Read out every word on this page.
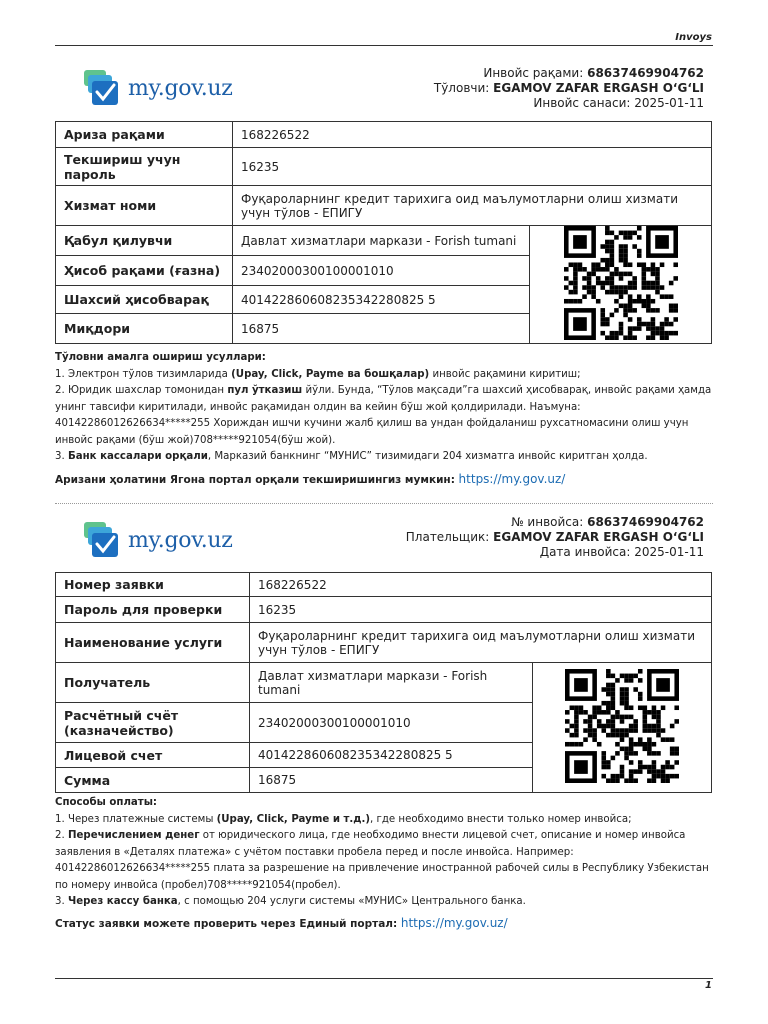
Invoys
my.gov.uz
Инвойс рақами: 68637469904762
Тўловчи: EGAMOV ZAFAR ERGASH O‘G‘LI
Инвойс санаси: 2025-01-11
Ариза рақами	168226522	
Текшириш учун пароль	16235	
Хизмат номи	Фуқароларнинг кредит тарихига оид маълумотларни олиш хизмати учун тўлов - ЕПИГУ	
Қабул қилувчи	Давлат хизматлари маркази - Forish tumani	
Ҳисоб рақами (ғазна)	23402000300100001010	
Шахсий ҳисобварақ	401422860608235342280825 5	
Миқдори	16875	
Тўловни амалга ошириш усуллари:
1. Электрон тўлов тизимларида (Upay, Click, Payme ва бошқалар) инвойс рақамини киритиш;
2. Юридик шахслар томонидан пул ўтказиш йўли. Бунда, “Тўлов мақсади”га шахсий ҳисобварақ, инвойс рақами ҳамда унинг тавсифи киритилади, инвойс рақамидан олдин ва кейин бўш жой қолдирилади. Наъмуна: 40142286012626634*****255 Хориждан ишчи кучини жалб қилиш ва ундан фойдаланиш рухсатномасини олиш учун инвойс рақами (бўш жой)708*****921054(бўш жой).
3. Банк кассалари орқали, Марказий банкнинг “МУНИС” тизимидаги 204 хизматга инвойс киритган ҳолда.
Аризани ҳолатини Ягона портал орқали текширишингиз мумкин: https://my.gov.uz/
my.gov.uz
№ инвойса: 68637469904762
Плательщик: EGAMOV ZAFAR ERGASH O‘G‘LI
Дата инвойса: 2025-01-11
Номер заявки	168226522	
Пароль для проверки	16235	
Наименование услуги	Фуқароларнинг кредит тарихига оид маълумотларни олиш хизмати учун тўлов - ЕПИГУ	
Получатель	Давлат хизматлари маркази - Forish tumani	
Расчётный счёт (казначейство)	23402000300100001010	
Лицевой счет	401422860608235342280825 5	
Сумма	16875	
Способы оплаты:
1. Через платежные системы (Upay, Click, Payme и т.д.), где необходимо внести только номер инвойса;
2. Перечислением денег от юридического лица, где необходимо внести лицевой счет, описание и номер инвойса заявления в «Деталях платежа» с учётом поставки пробела перед и после инвойса. Например: 40142286012626634*****255 плата за разрешение на привлечение иностранной рабочей силы в Республику Узбекистан по номеру инвойса (пробел)708*****921054(пробел).
3. Через кассу банка, с помощью 204 услуги системы «МУНИС» Центрального банка.
Статус заявки можете проверить через Единый портал: https://my.gov.uz/
1
